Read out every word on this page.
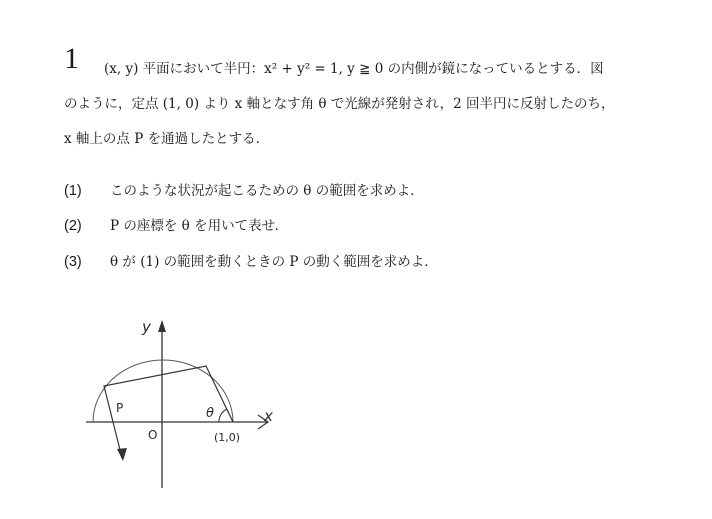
1 (x, y) 平面において半円：x² + y² = 1, y ≧ 0 の内側が鏡になっているとする．図
のように，定点 (1, 0) より x 軸となす角 θ で光線が発射され，2 回半円に反射したのち，
x 軸上の点 P を通過したとする．
(1) このような状況が起こるための θ の範囲を求めよ．
(2) P の座標を θ を用いて表せ．
(3) θ が (1) の範囲を動くときの P の動く範囲を求めよ．
y
x
O
P	θ
(1,0)
